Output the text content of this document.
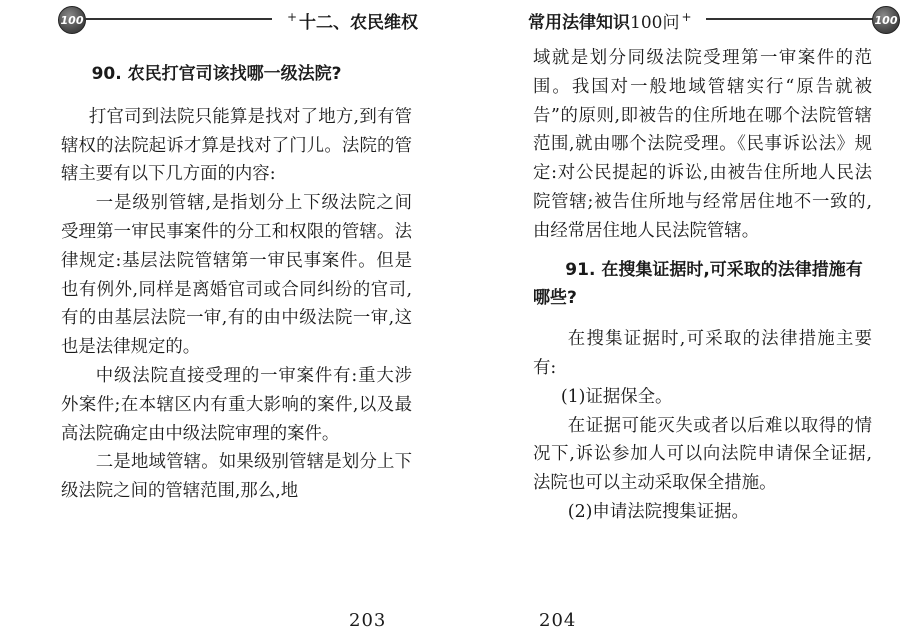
100	+ 十二、农民维权

90. 农民打官司该找哪一级法院?

打官司到法院只能算是找对了地方,到有管辖权的法院起诉才算是找对了门儿。法院的管辖主要有以下几方面的内容:

一是级别管辖,是指划分上下级法院之间受理第一审民事案件的分工和权限的管辖。法律规定:基层法院管辖第一审民事案件。但是也有例外,同样是离婚官司或合同纠纷的官司,有的由基层法院一审,有的由中级法院一审,这也是法律规定的。

中级法院直接受理的一审案件有:重大涉外案件;在本辖区内有重大影响的案件,以及最高法院确定由中级法院审理的案件。

二是地域管辖。如果级别管辖是划分上下级法院之间的管辖范围,那么,地

203
常用法律知识100问 +	100

域就是划分同级法院受理第一审案件的范围。我国对一般地域管辖实行“原告就被告”的原则,即被告的住所地在哪个法院管辖范围,就由哪个法院受理。《民事诉讼法》规定:对公民提起的诉讼,由被告住所地人民法院管辖;被告住所地与经常居住地不一致的,由经常居住地人民法院管辖。

91. 在搜集证据时,可采取的法律措施有哪些?

在搜集证据时,可采取的法律措施主要有:

(1)证据保全。

在证据可能灭失或者以后难以取得的情况下,诉讼参加人可以向法院申请保全证据,法院也可以主动采取保全措施。

(2)申请法院搜集证据。

204
